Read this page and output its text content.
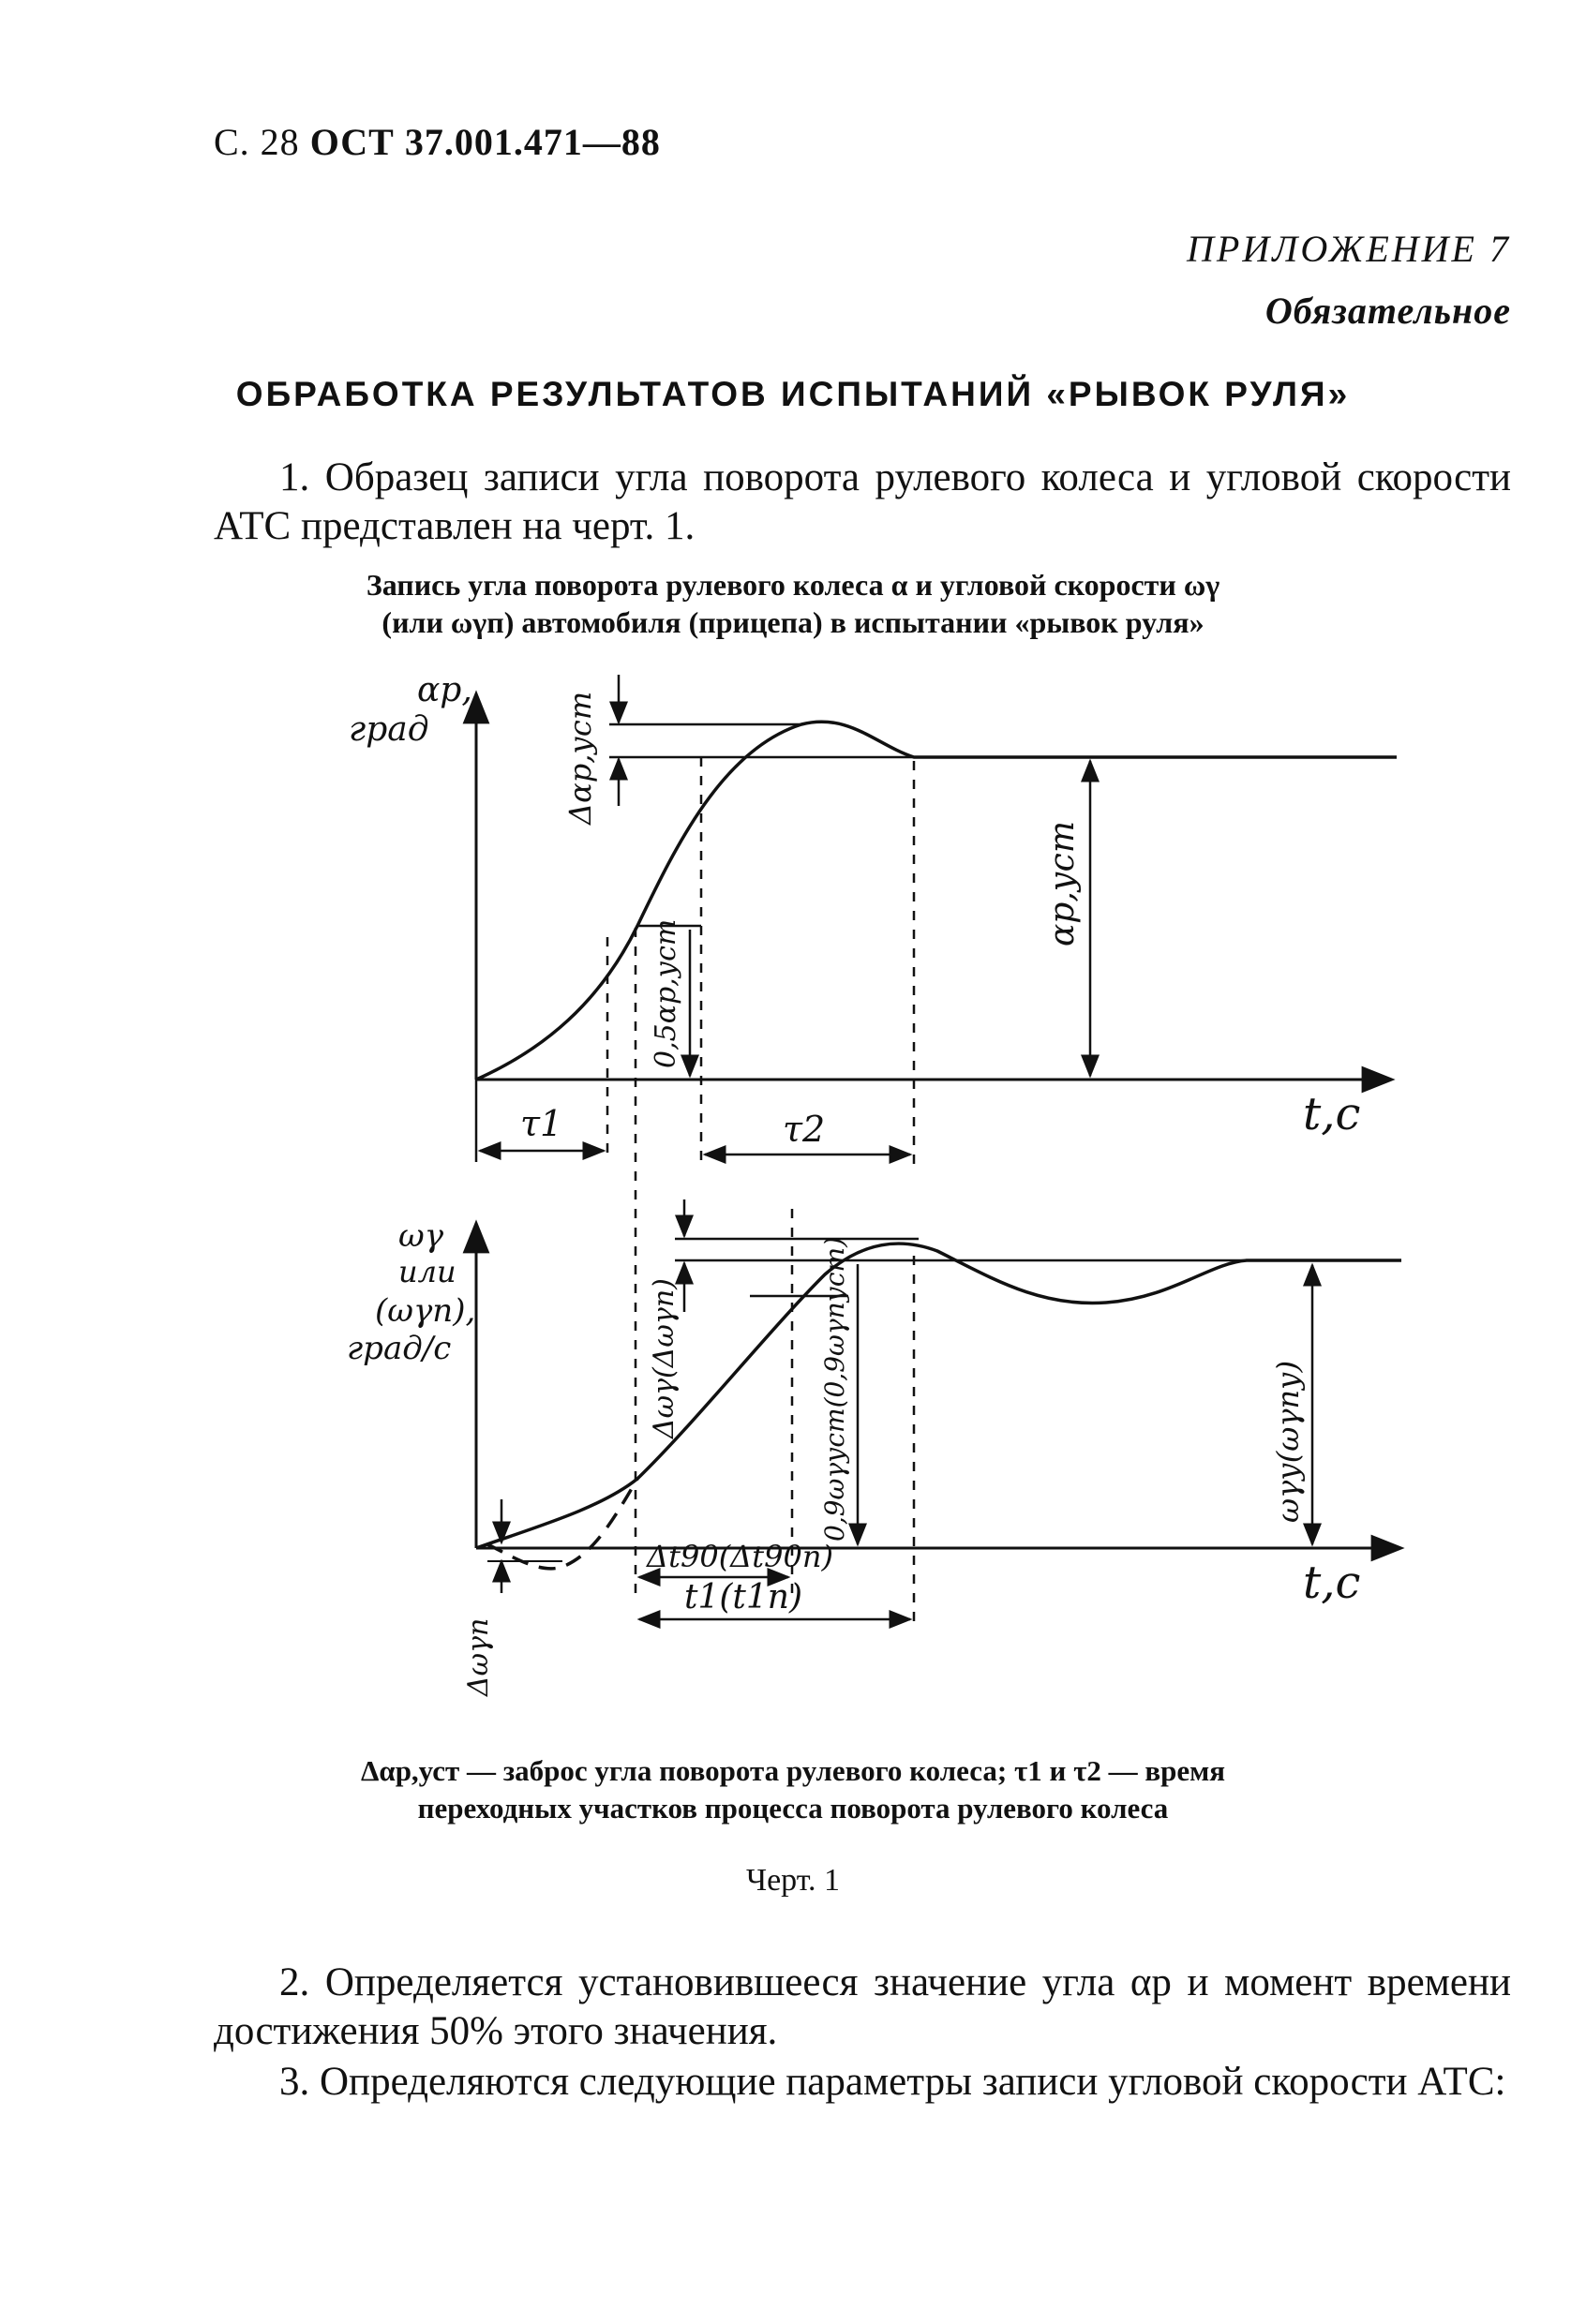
С. 28 ОСТ 37.001.471—88
ПРИЛОЖЕНИЕ 7
Обязательное
ОБРАБОТКА РЕЗУЛЬТАТОВ ИСПЫТАНИЙ «РЫВОК РУЛЯ»
1. Образец записи угла поворота рулевого колеса и угловой скорости АТС представлен на черт. 1.
Запись угла поворота рулевого колеса α и угловой скорости ωγ
(или ωγп) автомобиля (прицепа) в испытании «рывок руля»
αр,
град
t,с
Δαр,уст
αр,уст
0,5αр,уст
τ1	τ2
ωγ
или
(ωγп),
град/с
t,с
Δωγ(Δωγп)	0,9ωγуст(0,9ωγпуст)	ωγу(ωγпу)
Δωγп
Δt90(Δt90п)
t1(t1п)
Δαр,уст — заброс угла поворота рулевого колеса; τ1 и τ2 — время
переходных участков процесса поворота рулевого колеса
Черт. 1
2. Определяется установившееся значение угла αр и момент времени достижения 50% этого значения.
3. Определяются следующие параметры записи угловой скорости АТС:
